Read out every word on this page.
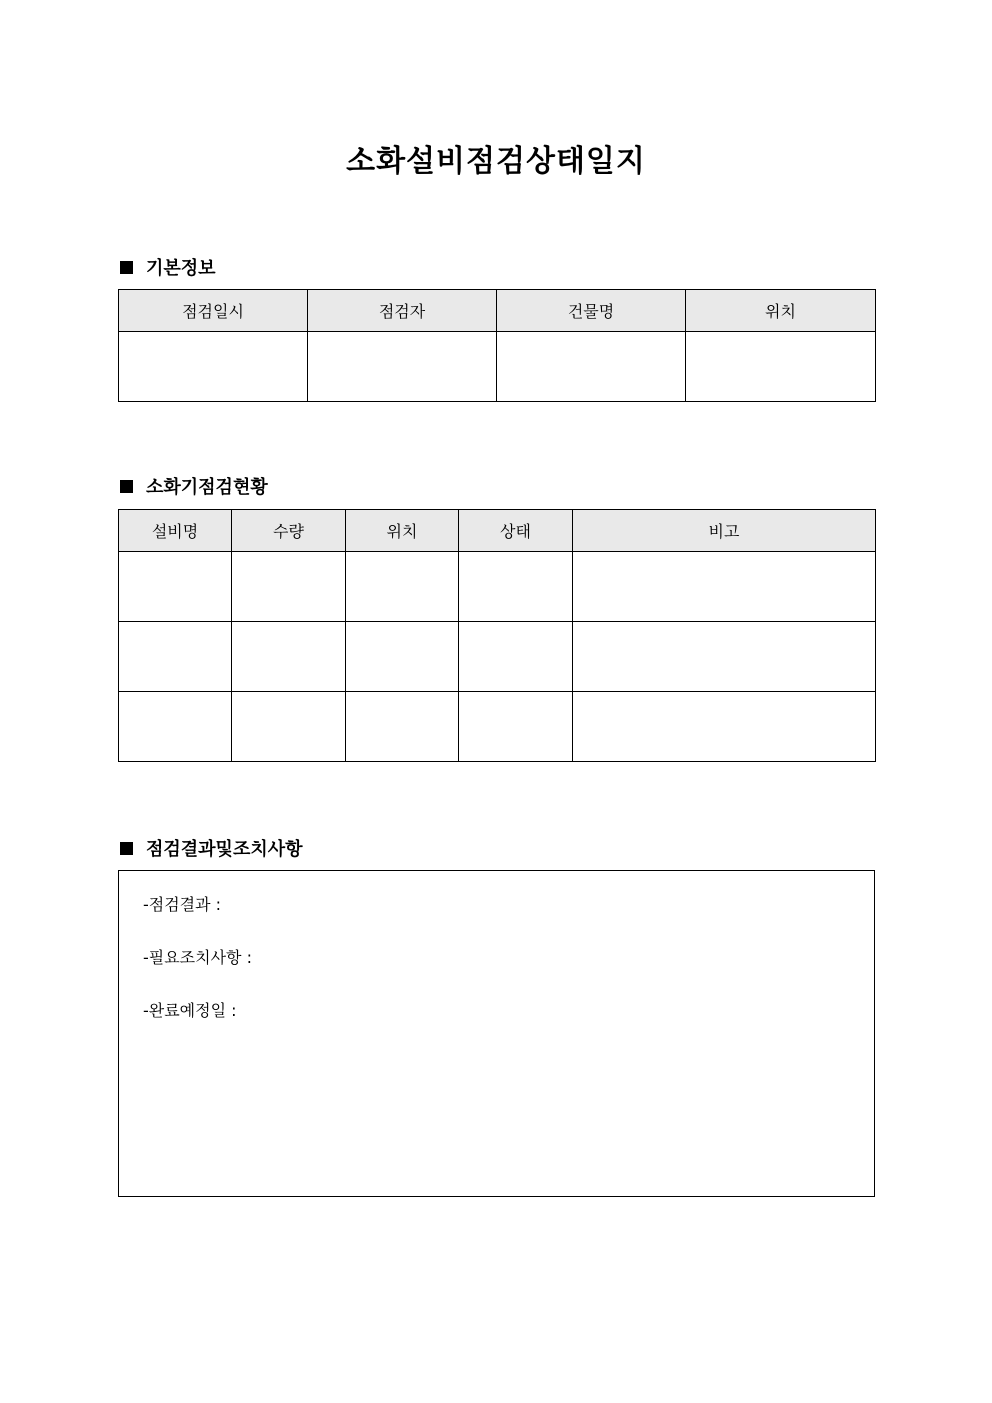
소화설비점검상태일지
기본정보
점검일시	점검자	건물명	위치

소화기점검현황
설비명	수량	위치	상태	비고

점검결과및조치사항
-점검결과 :
-필요조치사항 :
-완료예정일 :
